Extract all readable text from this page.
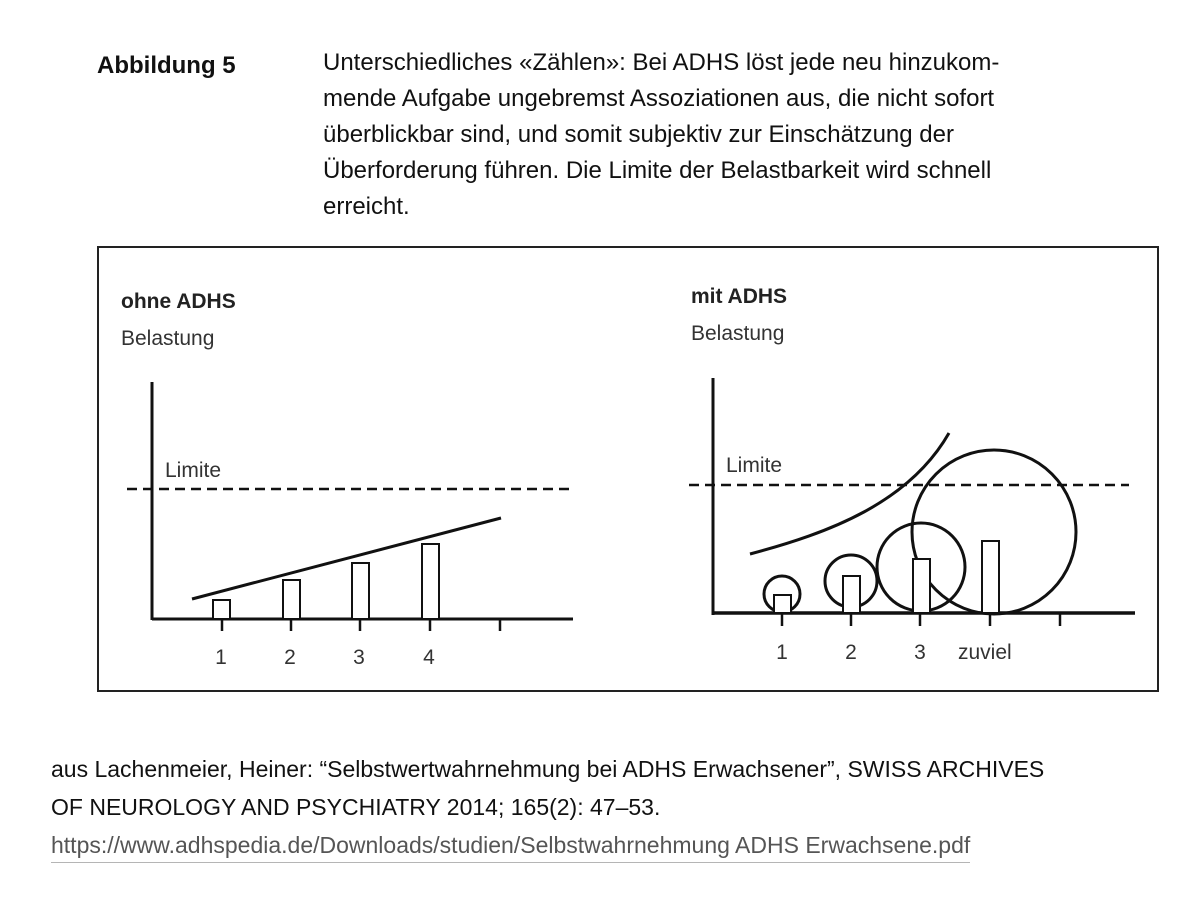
Abbildung 5	Unterschiedliches «Zählen»: Bei ADHS löst jede neu hinzukom-
mende Aufgabe ungebremst Assoziationen aus, die nicht sofort
überblickbar sind, und somit subjektiv zur Einschätzung der
Überforderung führen. Die Limite der Belastbarkeit wird schnell
erreicht.
ohne ADHS
Belastung
Limite
1	2	3	4
mit ADHS
Belastung
Limite
1	2	3 zuviel
aus Lachenmeier, Heiner: “Selbstwertwahrnehmung bei ADHS Erwachsener”, SWISS ARCHIVES
OF NEUROLOGY AND PSYCHIATRY 2014; 165(2): 47–53.
https://www.adhspedia.de/Downloads/studien/Selbstwahrnehmung ADHS Erwachsene.pdf
